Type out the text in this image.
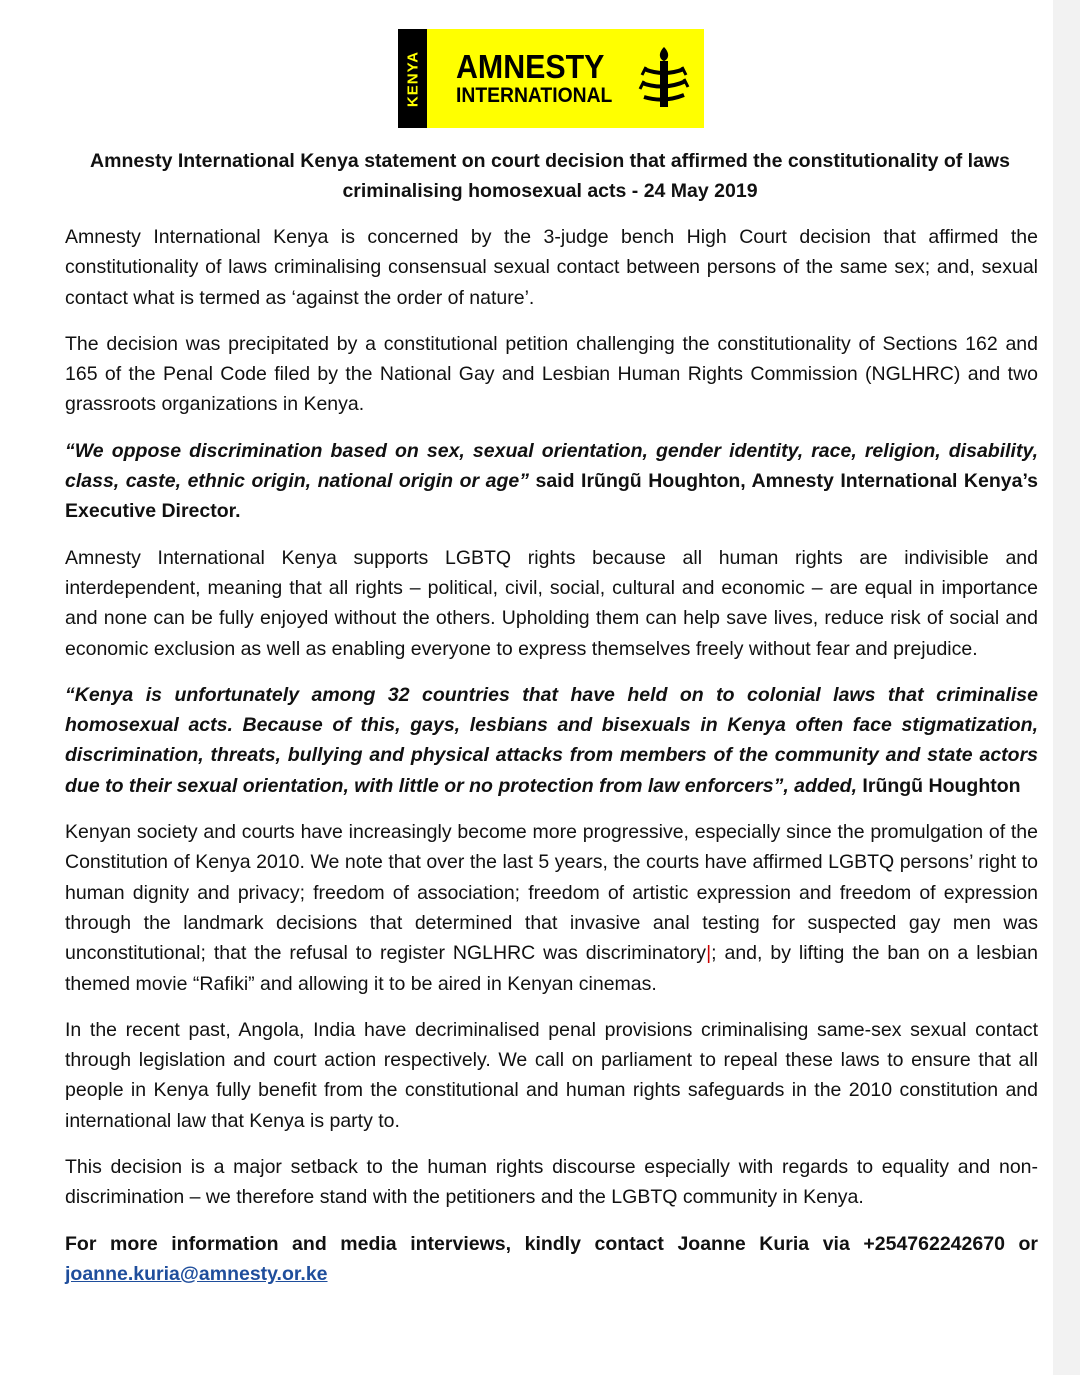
KENYA AMNESTY
INTERNATIONAL
Amnesty International Kenya statement on court decision that affirmed the constitutionality of laws criminalising homosexual acts - 24 May 2019

Amnesty International Kenya is concerned by the 3-judge bench High Court decision that affirmed the constitutionality of laws criminalising consensual sexual contact between persons of the same sex; and, sexual contact what is termed as ‘against the order of nature’.

The decision was precipitated by a constitutional petition challenging the constitutionality of Sections 162 and 165 of the Penal Code filed by the National Gay and Lesbian Human Rights Commission (NGLHRC) and two grassroots organizations in Kenya.

“We oppose discrimination based on sex, sexual orientation, gender identity, race, religion, disability, class, caste, ethnic origin, national origin or age” said Irũngũ Houghton, Amnesty International Kenya’s Executive Director.

Amnesty International Kenya supports LGBTQ rights because all human rights are indivisible and interdependent, meaning that all rights – political, civil, social, cultural and economic – are equal in importance and none can be fully enjoyed without the others. Upholding them can help save lives, reduce risk of social and economic exclusion as well as enabling everyone to express themselves freely without fear and prejudice.

“Kenya is unfortunately among 32 countries that have held on to colonial laws that criminalise homosexual acts. Because of this, gays, lesbians and bisexuals in Kenya often face stigmatization, discrimination, threats, bullying and physical attacks from members of the community and state actors due to their sexual orientation, with little or no protection from law enforcers”, added, Irũngũ Houghton

Kenyan society and courts have increasingly become more progressive, especially since the promulgation of the Constitution of Kenya 2010. We note that over the last 5 years, the courts have affirmed LGBTQ persons’ right to human dignity and privacy; freedom of association; freedom of artistic expression and freedom of expression through the landmark decisions that determined that invasive anal testing for suspected gay men was unconstitutional; that the refusal to register NGLHRC was discriminatory|; and, by lifting the ban on a lesbian themed movie “Rafiki” and allowing it to be aired in Kenyan cinemas.

In the recent past, Angola, India have decriminalised penal provisions criminalising same-sex sexual contact through legislation and court action respectively. We call on parliament to repeal these laws to ensure that all people in Kenya fully benefit from the constitutional and human rights safeguards in the 2010 constitution and international law that Kenya is party to.

This decision is a major setback to the human rights discourse especially with regards to equality and non-discrimination – we therefore stand with the petitioners and the LGBTQ community in Kenya.

For more information and media interviews, kindly contact Joanne Kuria via +254762242670 or joanne.kuria@amnesty.or.ke
